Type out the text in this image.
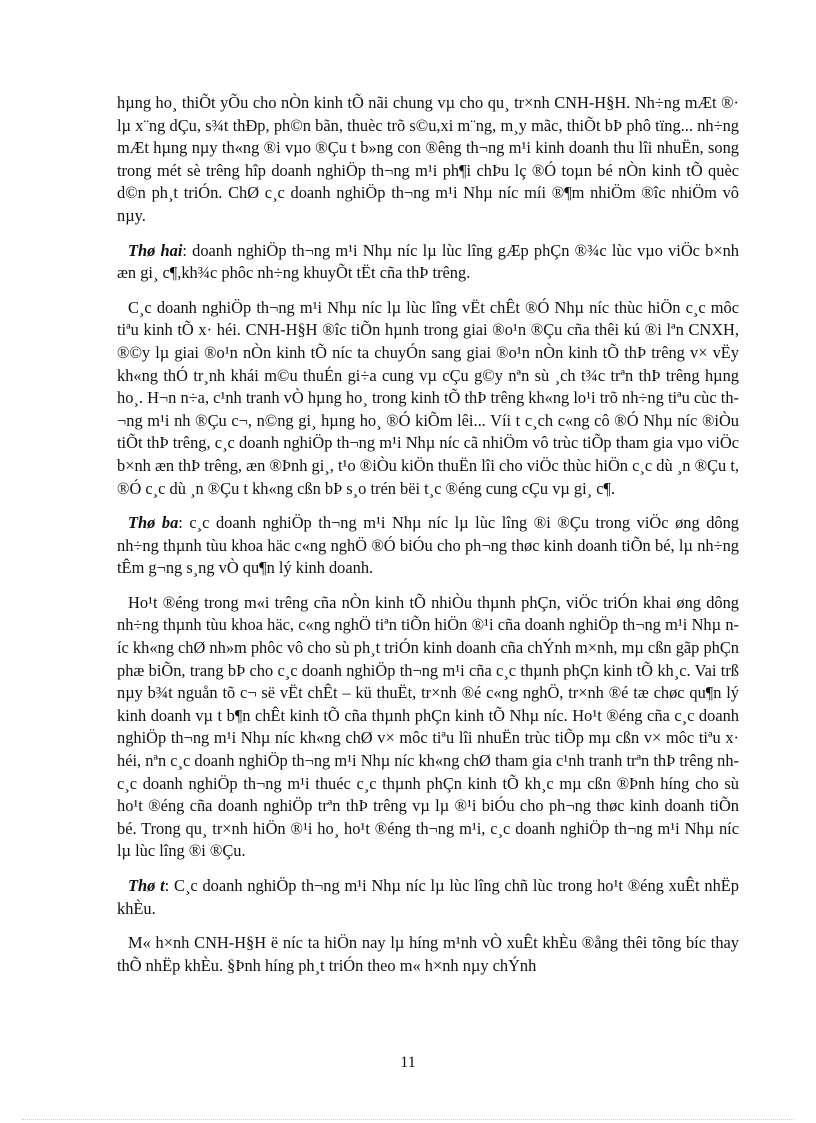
hµng ho¸ thiÕt yÕu cho nÒn kinh tÕ nãi chung vµ cho qu¸ tr×nh CNH-H§H. Nh÷ng mÆt ®· lµ x¨ng dÇu, s¾t thÐp, ph©n bãn, thuèc trõ s©u,xi m¨ng, m¸y mãc, thiÕt bÞ phô tïng... nh÷ng mÆt hµng nµy th«ng ®i vµo ®Çu t b»ng con ®êng th¬ng m¹i kinh doanh thu lîi nhuËn, song trong mét sè trêng hîp doanh nghiÖp th¬ng m¹i ph¶i chÞu lç ®Ó toµn bé nÒn kinh tÕ quèc d©n ph¸t triÓn. ChØ c¸c doanh nghiÖp th¬ng m¹i Nhµ níc míi ®¶m nhiÖm ®îc nhiÖm vô nµy.

Thø hai: doanh nghiÖp th¬ng m¹i Nhµ níc lµ lùc lîng gÆp phÇn ®¾c lùc vµo viÖc b×nh æn gi¸ c¶,kh¾c phôc nh÷ng khuyÕt tËt cña thÞ trêng.

C¸c doanh nghiÖp th¬ng m¹i Nhµ níc lµ lùc lîng vËt chÊt ®Ó Nhµ níc thùc hiÖn c¸c môc tiªu kinh tÕ x· héi. CNH-H§H ®îc tiÕn hµnh trong giai ®o¹n ®Çu cña thêi kú ®i lªn CNXH, ®©y lµ giai ®o¹n nÒn kinh tÕ níc ta chuyÓn sang giai ®o¹n nÒn kinh tÕ thÞ trêng v× vËy kh«ng thÓ tr¸nh khái m©u thuÉn gi÷a cung vµ cÇu g©y nªn sù ¸ch t¾c trªn thÞ trêng hµng ho¸. H¬n n÷a, c¹nh tranh vÒ hµng ho¸ trong kinh tÕ thÞ trêng kh«ng lo¹i trõ nh÷ng tiªu cùc th¬ng m¹i nh ®Çu c¬, n©ng gi¸ hµng ho¸ ®Ó kiÕm lêi... Víi t c¸ch c«ng cô ®Ó Nhµ níc ®iÒu tiÕt thÞ trêng, c¸c doanh nghiÖp th¬ng m¹i Nhµ níc cã nhiÖm vô trùc tiÕp tham gia vµo viÖc b×nh æn thÞ trêng, æn ®Þnh gi¸, t¹o ®iÒu kiÖn thuËn lîi cho viÖc thùc hiÖn c¸c dù ¸n ®Çu t, ®Ó c¸c dù ¸n ®Çu t kh«ng cßn bÞ s¸o trén bëi t¸c ®éng cung cÇu vµ gi¸ c¶.

Thø ba: c¸c doanh nghiÖp th¬ng m¹i Nhµ níc lµ lùc lîng ®i ®Çu trong viÖc øng dông nh÷ng thµnh tùu khoa häc c«ng nghÖ ®Ó biÓu cho ph¬ng thøc kinh doanh tiÕn bé, lµ nh÷ng tÊm g¬ng s¸ng vÒ qu¶n lý kinh doanh.

Ho¹t ®éng trong m«i trêng cña nÒn kinh tÕ nhiÒu thµnh phÇn, viÖc triÓn khai øng dông nh÷ng thµnh tùu khoa häc, c«ng nghÖ tiªn tiÕn hiÖn ®¹i cña doanh nghiÖp th¬ng m¹i Nhµ níc kh«ng chØ nh»m phôc vô cho sù ph¸t triÓn kinh doanh cña chÝnh m×nh, mµ cßn gãp phÇn phæ biÕn, trang bÞ cho c¸c doanh nghiÖp th¬ng m¹i cña c¸c thµnh phÇn kinh tÕ kh¸c. Vai trß nµy b¾t nguån tõ c¬ së vËt chÊt – kü thuËt, tr×nh ®é c«ng nghÖ, tr×nh ®é tæ chøc qu¶n lý kinh doanh vµ t b¶n chÊt kinh tÕ cña thµnh phÇn kinh tÕ Nhµ níc. Ho¹t ®éng cña c¸c doanh nghiÖp th¬ng m¹i Nhµ níc kh«ng chØ v× môc tiªu lîi nhuËn trùc tiÕp mµ cßn v× môc tiªu x· héi, nªn c¸c doanh nghiÖp th¬ng m¹i Nhµ níc kh«ng chØ tham gia c¹nh tranh trªn thÞ trêng nh c¸c doanh nghiÖp th¬ng m¹i thuéc c¸c thµnh phÇn kinh tÕ kh¸c mµ cßn ®Þnh híng cho sù ho¹t ®éng cña doanh nghiÖp trªn thÞ trêng vµ lµ ®¹i biÓu cho ph¬ng thøc kinh doanh tiÕn bé. Trong qu¸ tr×nh hiÖn ®¹i ho¸ ho¹t ®éng th¬ng m¹i, c¸c doanh nghiÖp th¬ng m¹i Nhµ níc lµ lùc lîng ®i ®Çu.

Thø t: C¸c doanh nghiÖp th¬ng m¹i Nhµ níc lµ lùc lîng chñ lùc trong ho¹t ®éng xuÊt nhËp khÈu.

M« h×nh CNH-H§H ë níc ta hiÖn nay lµ híng m¹nh vÒ xuÊt khÈu ®ång thêi tõng bíc thay thÕ nhËp khÈu. §Þnh híng ph¸t triÓn theo m« h×nh nµy chÝnh

11
